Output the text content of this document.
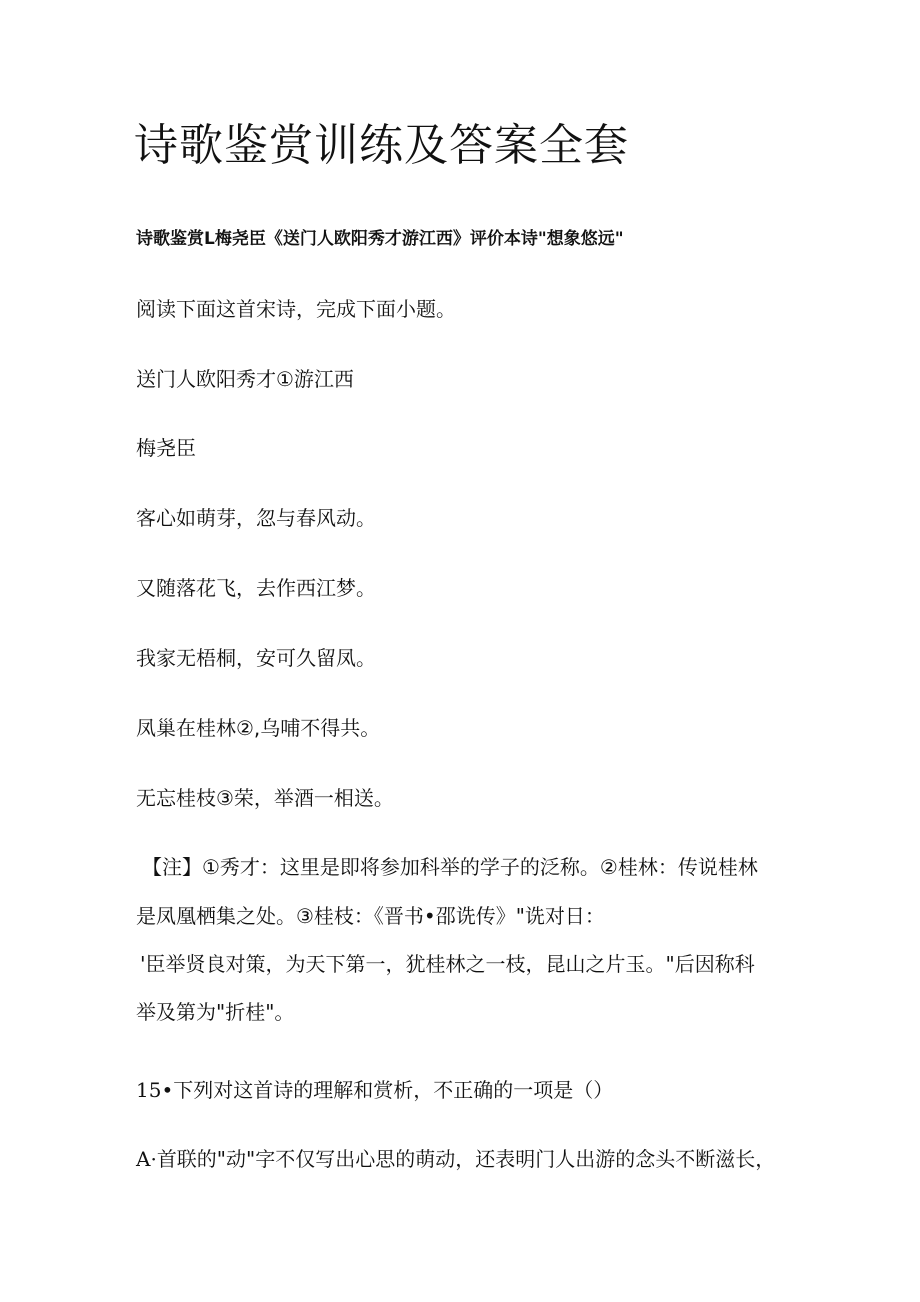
诗歌鉴赏训练及答案全套
诗歌鉴赏L梅尧臣《送门人欧阳秀才游江西》评价本诗"想象悠远"
阅读下面这首宋诗，完成下面小题。
送门人欧阳秀才①游江西
梅尧臣
客心如萌芽，忽与春风动。
又随落花飞，去作西江梦。
我家无梧桐，安可久留凤。
凤巢在桂林②,乌哺不得共。
无忘桂枝③荣，举酒一相送。
【注】①秀才：这里是即将参加科举的学子的泛称。②桂林：传说桂林
是凤凰栖集之处。③桂枝：《晋书•邵诜传》"诜对日：
'臣举贤良对策，为天下第一，犹桂林之一枝，昆山之片玉。"后因称科
举及第为"折桂"。
15•下列对这首诗的理解和赏析，不正确的一项是（）
A·首联的"动"字不仅写出心思的萌动，还表明门人出游的念头不断滋长，
